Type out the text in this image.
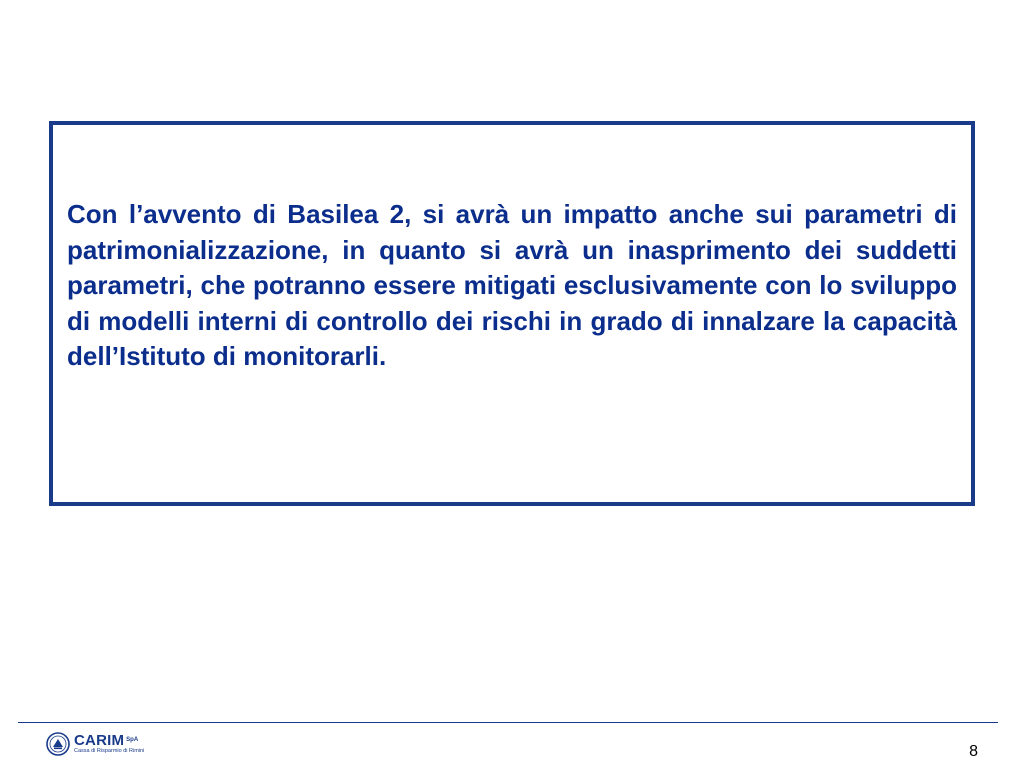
Con l’avvento di Basilea 2, si avrà un impatto anche sui parametri di patrimonializzazione, in quanto si avrà un inasprimento dei suddetti parametri, che potranno essere mitigati esclusivamente con lo sviluppo di modelli interni di controllo dei rischi in grado di innalzare la capacità dell’Istituto di monitorarli.

CARIM SpA
Cassa di Risparmio di Rimini	8
